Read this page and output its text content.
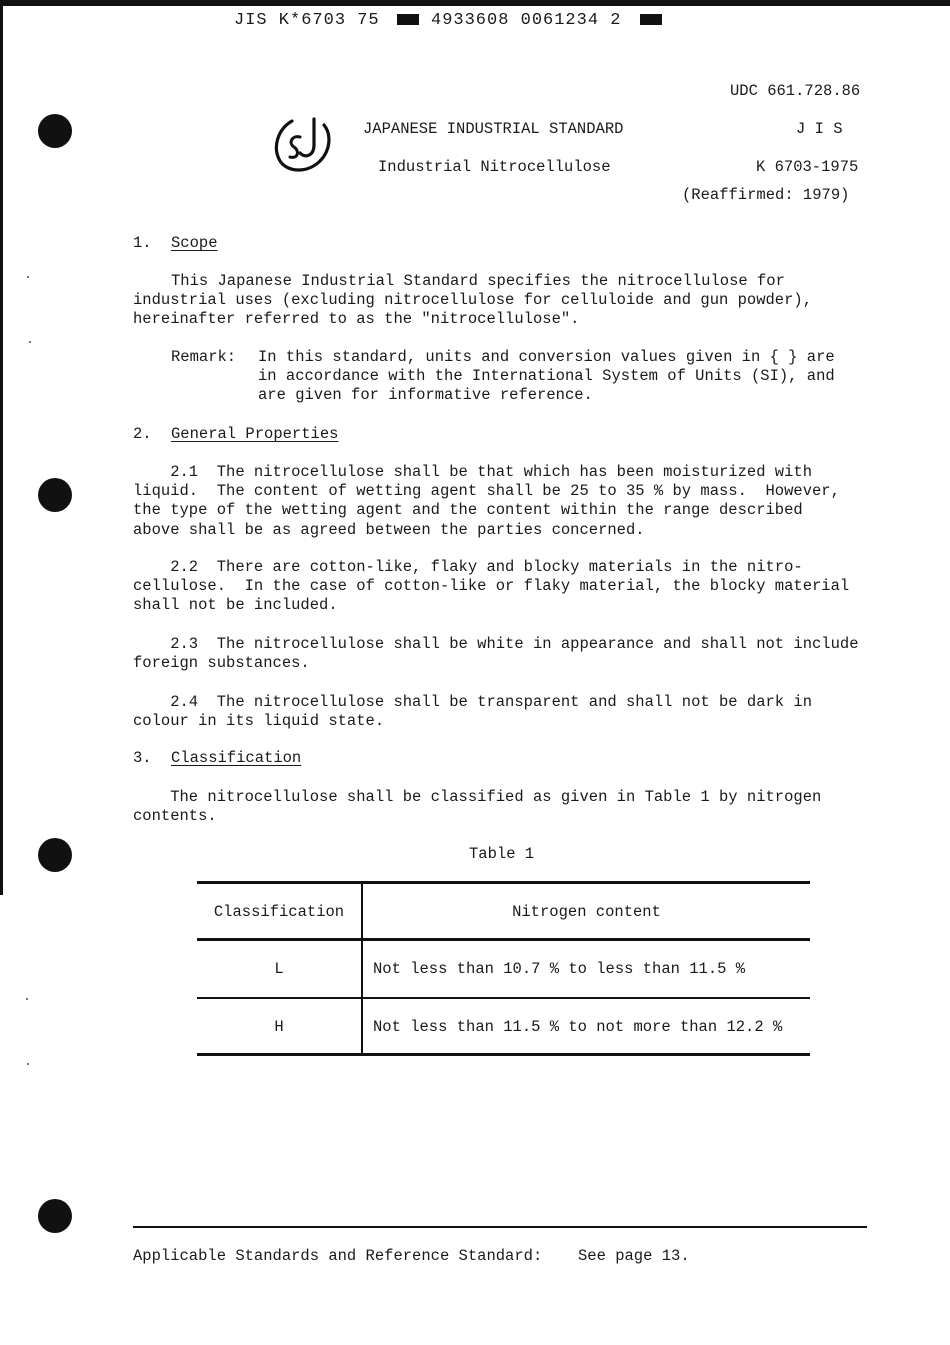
JIS K*6703 75	4933608 0061234 2
UDC 661.728.86
JAPANESE INDUSTRIAL STANDARD	J I S
Industrial Nitrocellulose	K 6703-1975
(Reaffirmed: 1979)
1. Scope
This Japanese Industrial Standard specifies the nitrocellulose for
industrial uses (excluding nitrocellulose for celluloide and gun powder),
hereinafter referred to as the "nitrocellulose".
Remark: In this standard, units and conversion values given in { } are
in accordance with the International System of Units (SI), and
are given for informative reference.
2. General Properties
2.1  The nitrocellulose shall be that which has been moisturized with
liquid.  The content of wetting agent shall be 25 to 35 % by mass.  However,
the type of the wetting agent and the content within the range described
above shall be as agreed between the parties concerned.
2.2  There are cotton-like, flaky and blocky materials in the nitro-
cellulose.  In the case of cotton-like or flaky material, the blocky material
shall not be included.
2.3  The nitrocellulose shall be white in appearance and shall not include
foreign substances.
2.4  The nitrocellulose shall be transparent and shall not be dark in
colour in its liquid state.
3. Classification
The nitrocellulose shall be classified as given in Table 1 by nitrogen
contents.
Table 1
Classification	Nitrogen content
L	Not less than 10.7 % to less than 11.5 %
H	Not less than 11.5 % to not more than 12.2 %
Applicable Standards and Reference Standard: See page 13.
